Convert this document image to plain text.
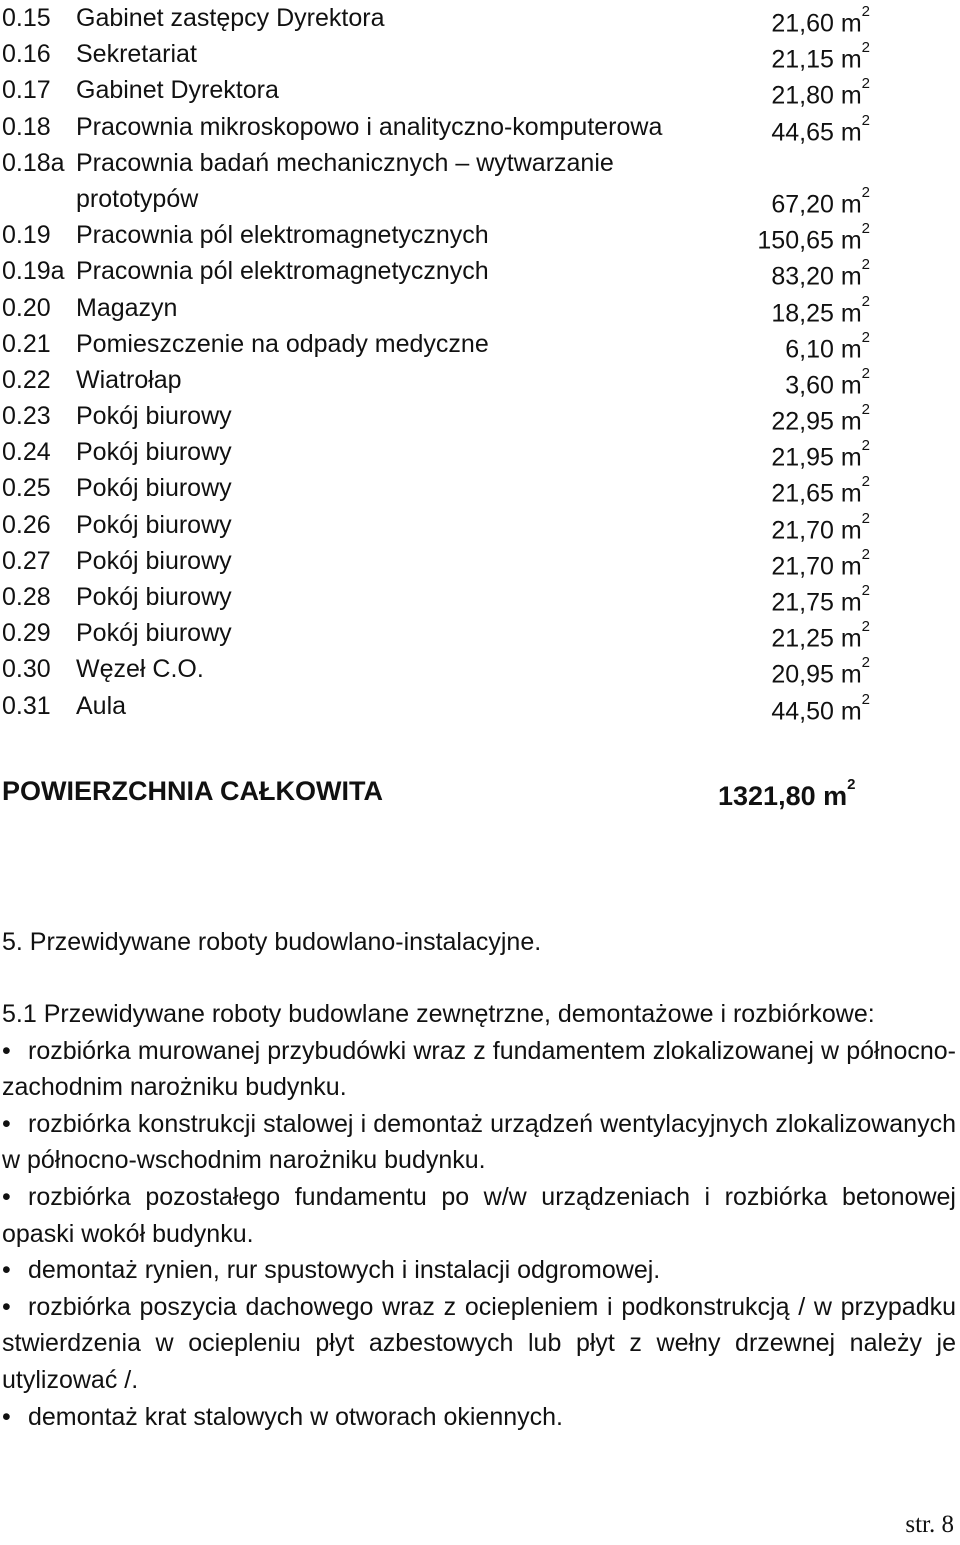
0.15 Gabinet zastępcy Dyrektora	21,60 $m^2$
0.16 Sekretariat	21,15 $m^2$
0.17 Gabinet Dyrektora	21,80 $m^2$
0.18 Pracownia mikroskopowo i analityczno-komputerowa	44,65 $m^2$
0.18a Pracownia badań mechanicznych – wytwarzanie
prototypów	67,20 $m^2$
0.19 Pracownia pól elektromagnetycznych	150,65 $m^2$
0.19a Pracownia pól elektromagnetycznych	83,20 $m^2$
0.20 Magazyn	18,25 $m^2$
0.21 Pomieszczenie na odpady medyczne	6,10 $m^2$
0.22 Wiatrołap	3,60 $m^2$
0.23 Pokój biurowy	22,95 $m^2$
0.24 Pokój biurowy	21,95 $m^2$
0.25 Pokój biurowy	21,65 $m^2$
0.26 Pokój biurowy	21,70 $m^2$
0.27 Pokój biurowy	21,70 $m^2$
0.28 Pokój biurowy	21,75 $m^2$
0.29 Pokój biurowy	21,25 $m^2$
0.30 Węzeł C.O.	20,95 $m^2$
0.31 Aula	44,50 $m^2$
POWIERZCHNIA CAŁKOWITA	1321,80 $m^2$
5. Przewidywane roboty budowlano-instalacyjne.

5.1 Przewidywane roboty budowlane zewnętrzne, demontażowe i rozbiórkowe:

• rozbiórka murowanej przybudówki wraz z fundamentem zlokalizowanej w północno-zachodnim narożniku budynku.

• rozbiórka konstrukcji stalowej i demontaż urządzeń wentylacyjnych zlokalizowanych w północno-wschodnim narożniku budynku.

• rozbiórka pozostałego fundamentu po w/w urządzeniach i rozbiórka betonowej opaski wokół budynku.

• demontaż rynien, rur spustowych i instalacji odgromowej.

• rozbiórka poszycia dachowego wraz z ociepleniem i podkonstrukcją / w przypadku stwierdzenia w ociepleniu płyt azbestowych lub płyt z wełny drzewnej należy je utylizować /.

• demontaż krat stalowych w otworach okiennych.

str. 8
